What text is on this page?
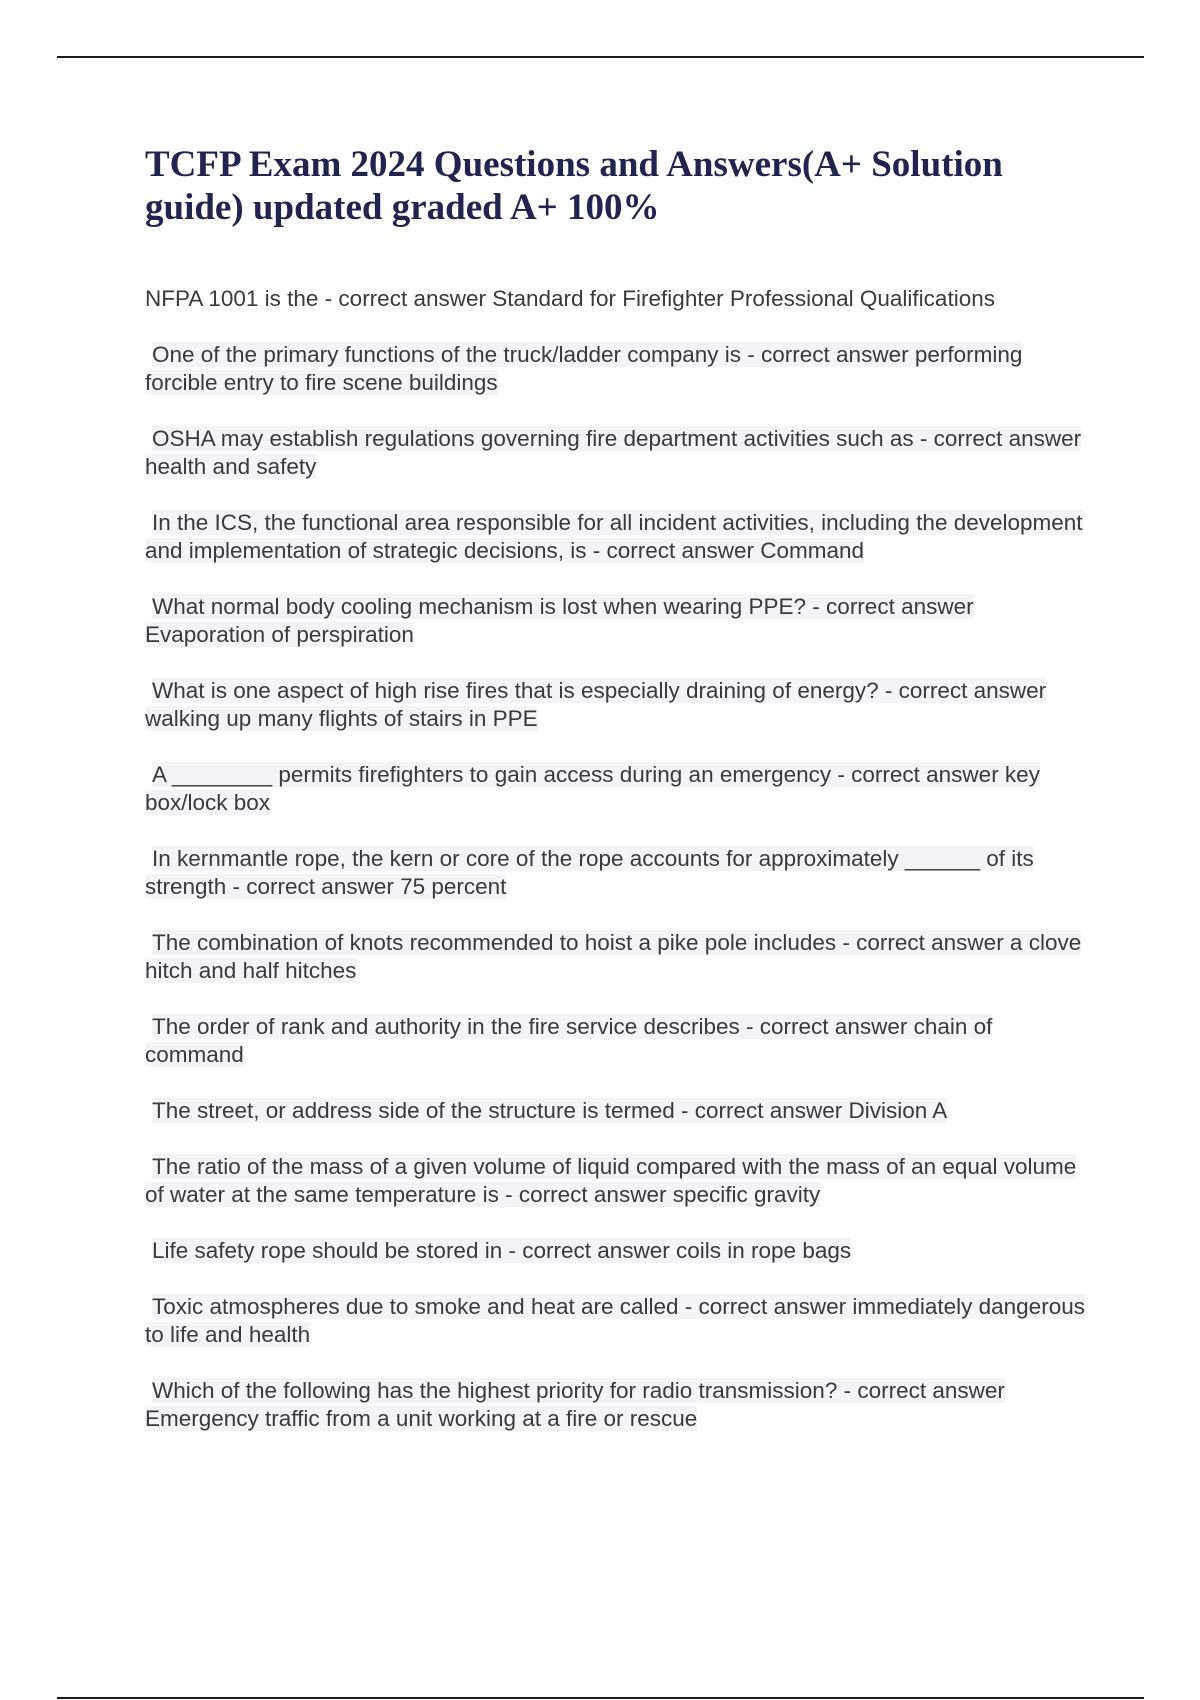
TCFP Exam 2024 Questions and Answers(A+ Solution guide) updated graded A+ 100%
NFPA 1001 is the - correct answer Standard for Firefighter Professional Qualifications
One of the primary functions of the truck/ladder company is - correct answer performing forcible entry to fire scene buildings
OSHA may establish regulations governing fire department activities such as - correct answer health and safety
In the ICS, the functional area responsible for all incident activities, including the development and implementation of strategic decisions, is - correct answer Command
What normal body cooling mechanism is lost when wearing PPE? - correct answer Evaporation of perspiration
What is one aspect of high rise fires that is especially draining of energy? - correct answer walking up many flights of stairs in PPE
A ________ permits firefighters to gain access during an emergency - correct answer key box/lock box
In kernmantle rope, the kern or core of the rope accounts for approximately ______ of its strength - correct answer 75 percent
The combination of knots recommended to hoist a pike pole includes - correct answer a clove hitch and half hitches
The order of rank and authority in the fire service describes - correct answer chain of command
The street, or address side of the structure is termed - correct answer Division A
The ratio of the mass of a given volume of liquid compared with the mass of an equal volume of water at the same temperature is - correct answer specific gravity
Life safety rope should be stored in - correct answer coils in rope bags
Toxic atmospheres due to smoke and heat are called - correct answer immediately dangerous to life and health
Which of the following has the highest priority for radio transmission? - correct answer Emergency traffic from a unit working at a fire or rescue
